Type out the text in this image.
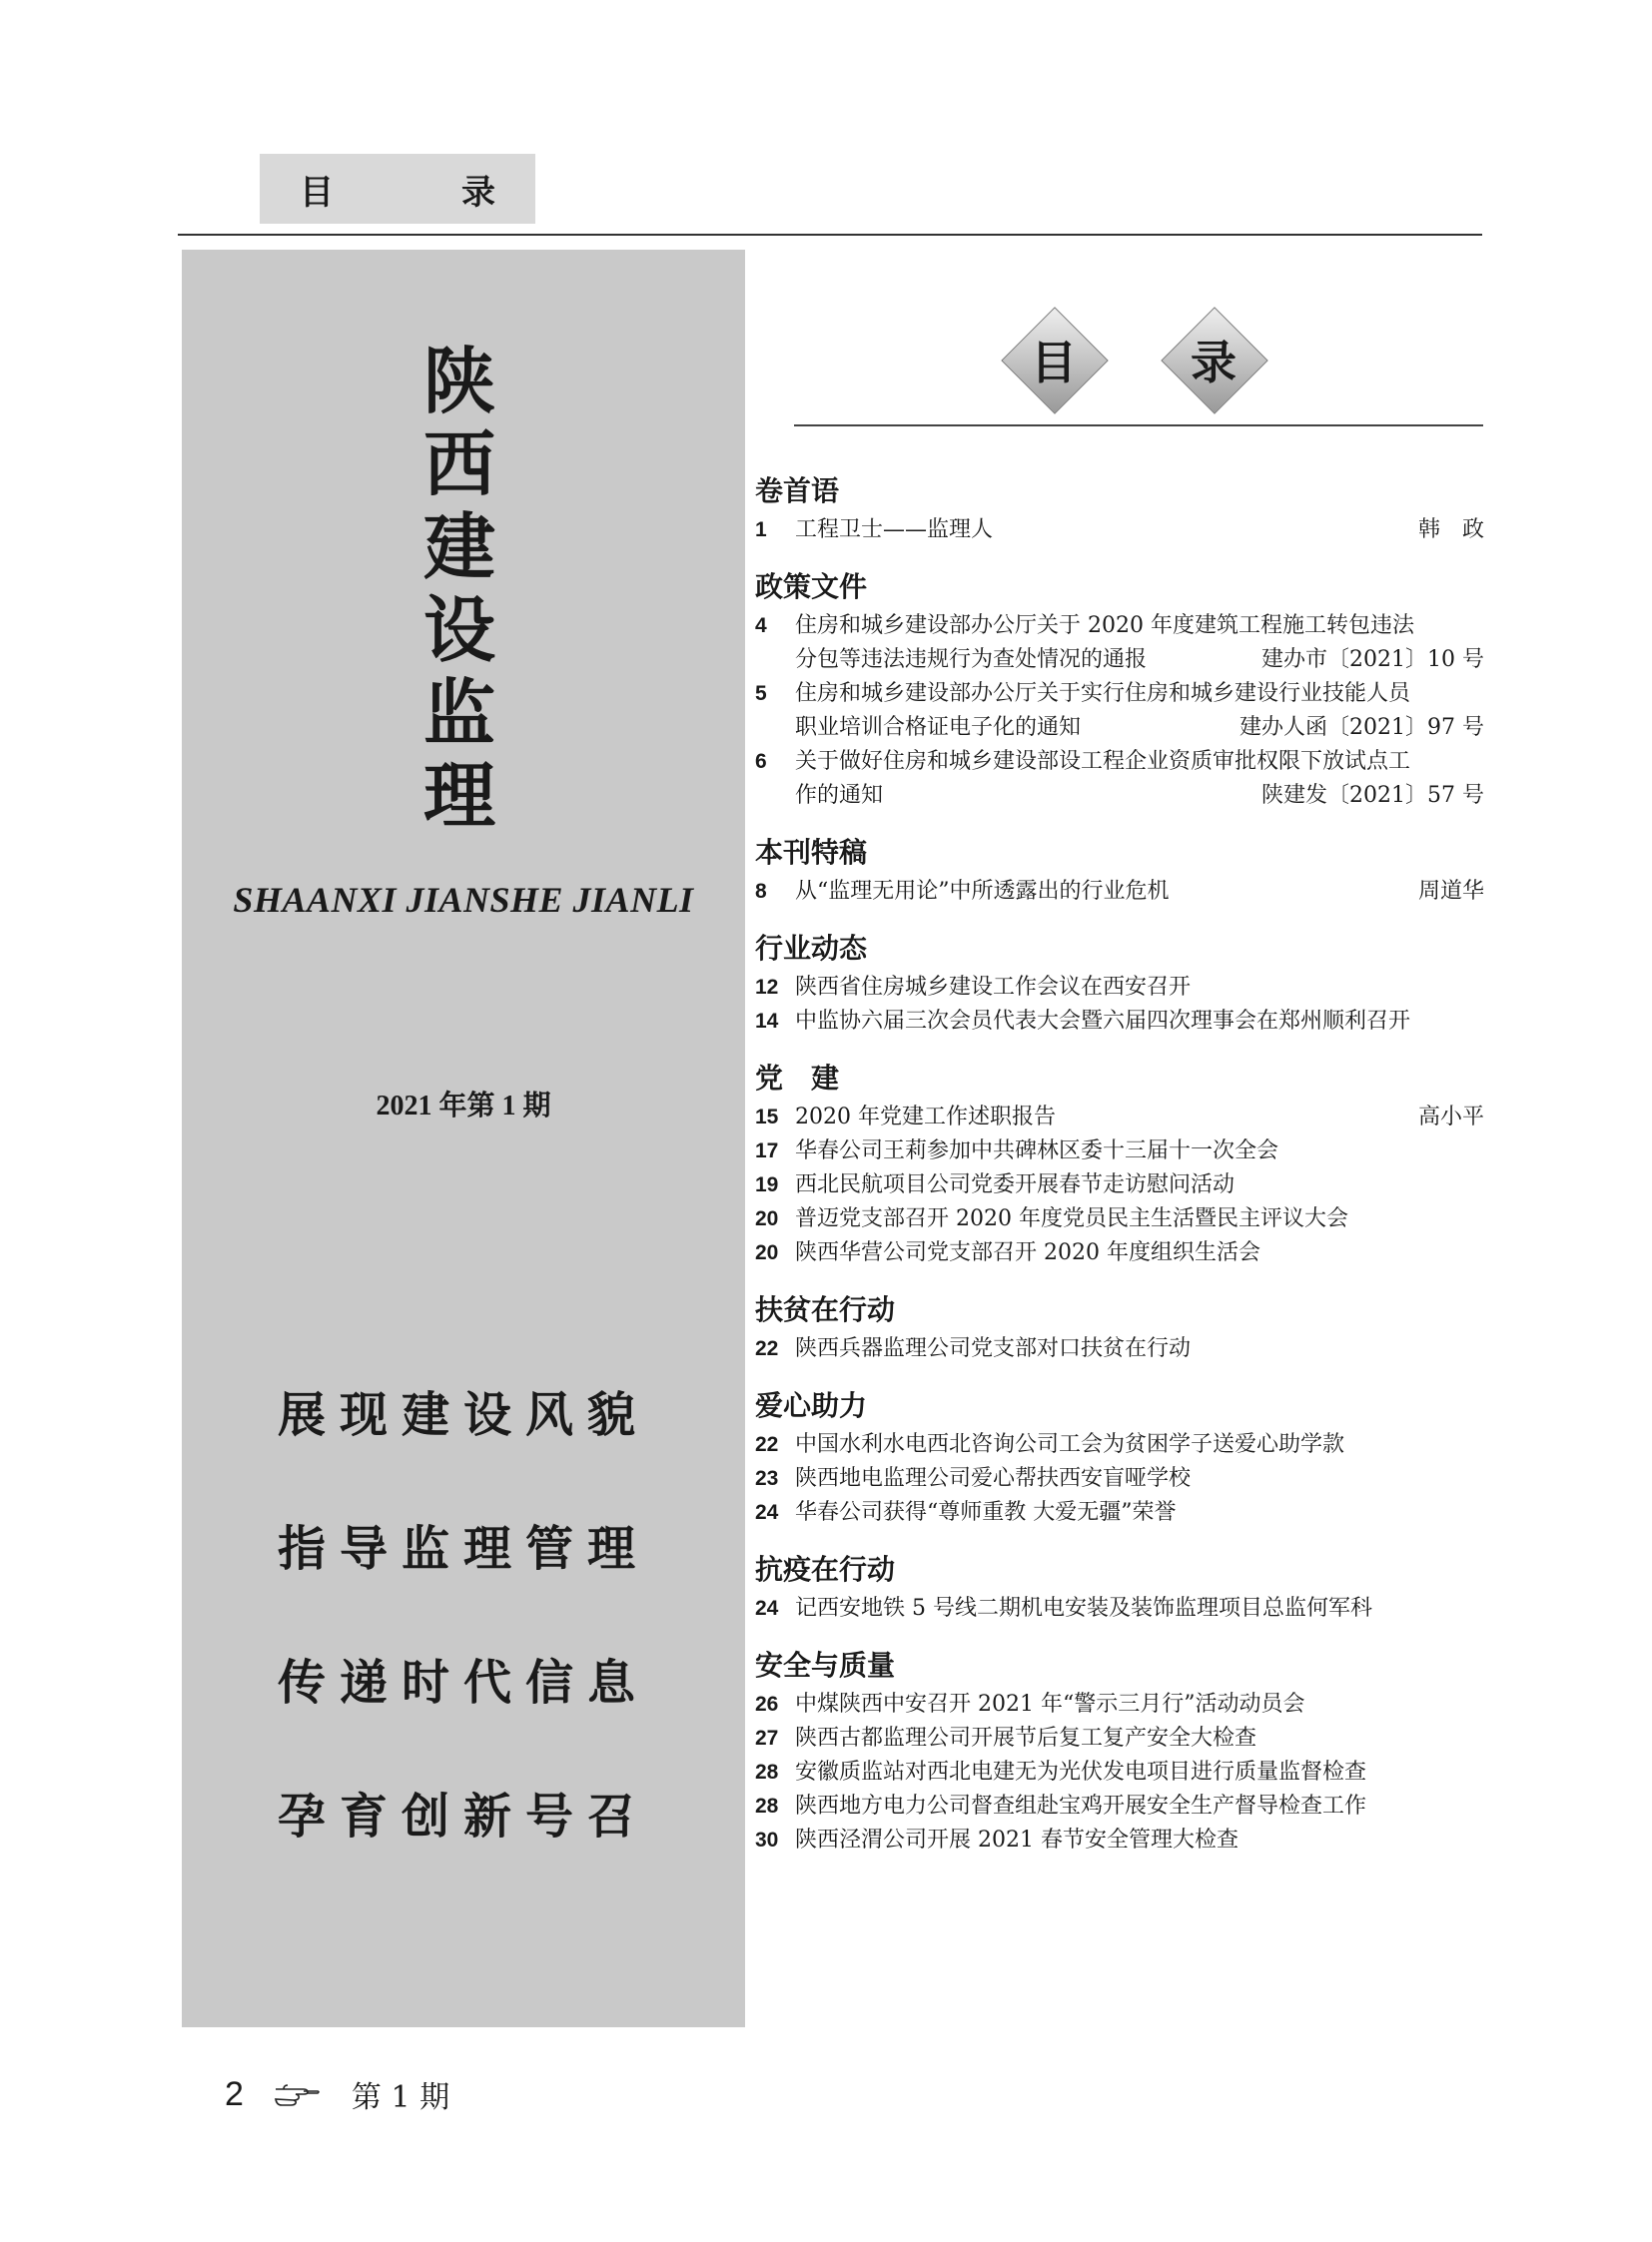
目	录
陕
西
建
设
监
理
SHAANXI JIANSHE JIANLI
2021 年第 1 期
展现建设风貌
指导监理管理
传递时代信息
孕育创新号召
目	录
卷首语
1	工程卫士——监理人	韩　政
政策文件
4	住房和城乡建设部办公厅关于 2020 年度建筑工程施工转包违法
分包等违法违规行为查处情况的通报	建办市〔2021〕10 号
5	住房和城乡建设部办公厅关于实行住房和城乡建设行业技能人员
职业培训合格证电子化的通知	建办人函〔2021〕97 号
6	关于做好住房和城乡建设部设工程企业资质审批权限下放试点工
作的通知	陕建发〔2021〕57 号
本刊特稿
8	从“监理无用论”中所透露出的行业危机	周道华
行业动态
12 陕西省住房城乡建设工作会议在西安召开
14 中监协六届三次会员代表大会暨六届四次理事会在郑州顺利召开
党　建
15 2020 年党建工作述职报告	高小平
17 华春公司王莉参加中共碑林区委十三届十一次全会
19 西北民航项目公司党委开展春节走访慰问活动
20 普迈党支部召开 2020 年度党员民主生活暨民主评议大会
20 陕西华营公司党支部召开 2020 年度组织生活会
扶贫在行动
22 陕西兵器监理公司党支部对口扶贫在行动
爱心助力
22 中国水利水电西北咨询公司工会为贫困学子送爱心助学款
23 陕西地电监理公司爱心帮扶西安盲哑学校
24 华春公司获得“尊师重教 大爱无疆”荣誉
抗疫在行动
24 记西安地铁 5 号线二期机电安装及装饰监理项目总监何军科
安全与质量
26 中煤陕西中安召开 2021 年“警示三月行”活动动员会
27 陕西古都监理公司开展节后复工复产安全大检查
28 安徽质监站对西北电建无为光伏发电项目进行质量监督检查
28 陕西地方电力公司督查组赴宝鸡开展安全生产督导检查工作
30 陕西泾渭公司开展 2021 春节安全管理大检查
2	第 1 期
